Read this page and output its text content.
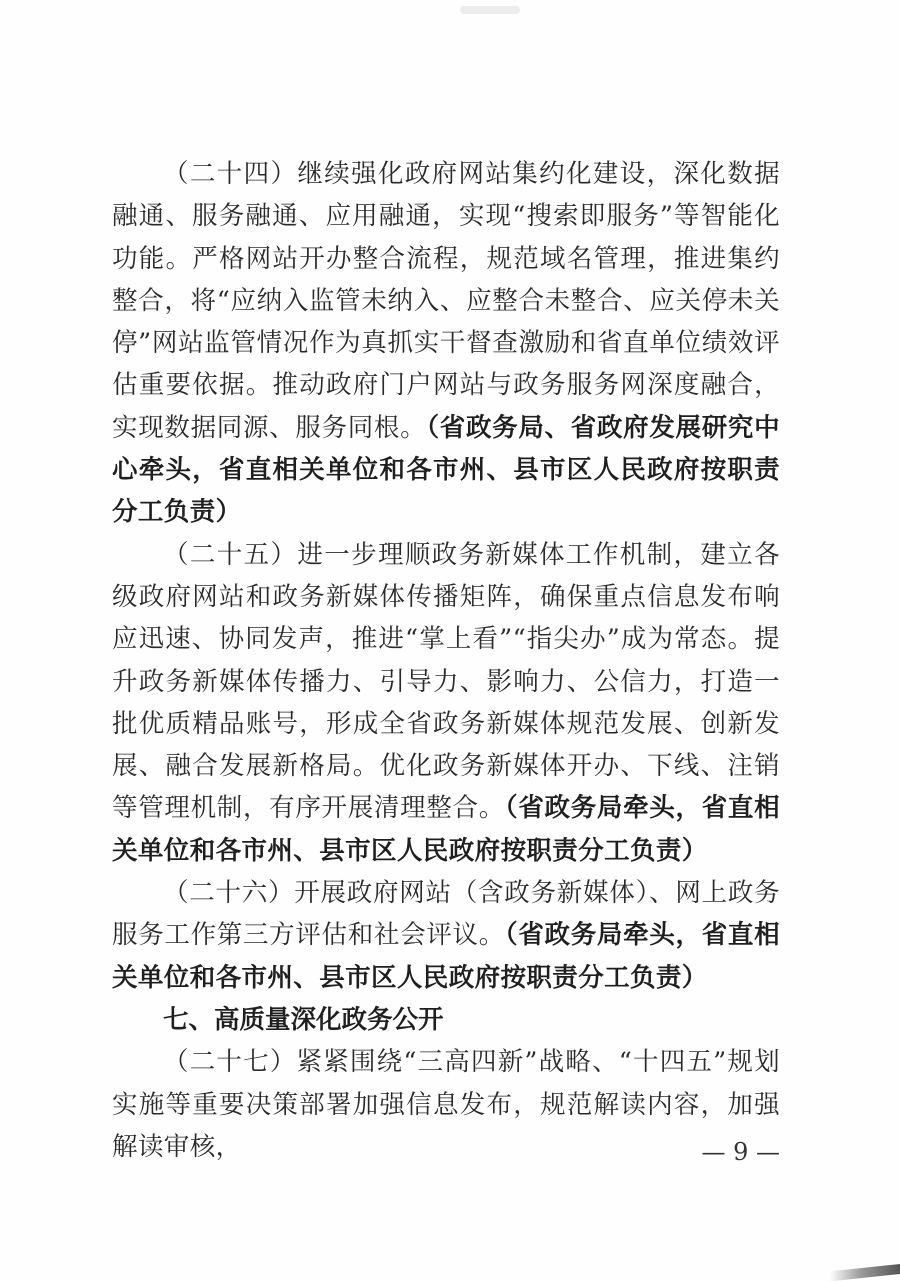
（二十四）继续强化政府网站集约化建设，深化数据融通、服务融通、应用融通，实现“搜索即服务”等智能化功能。严格网站开办整合流程，规范域名管理，推进集约整合，将“应纳入监管未纳入、应整合未整合、应关停未关停”网站监管情况作为真抓实干督查激励和省直单位绩效评估重要依据。推动政府门户网站与政务服务网深度融合，实现数据同源、服务同根。（省政务局、省政府发展研究中心牵头，省直相关单位和各市州、县市区人民政府按职责分工负责）

（二十五）进一步理顺政务新媒体工作机制，建立各级政府网站和政务新媒体传播矩阵，确保重点信息发布响应迅速、协同发声，推进“掌上看”“指尖办”成为常态。提升政务新媒体传播力、引导力、影响力、公信力，打造一批优质精品账号，形成全省政务新媒体规范发展、创新发展、融合发展新格局。优化政务新媒体开办、下线、注销等管理机制，有序开展清理整合。（省政务局牵头，省直相关单位和各市州、县市区人民政府按职责分工负责）

（二十六）开展政府网站（含政务新媒体）、网上政务服务工作第三方评估和社会评议。（省政务局牵头，省直相关单位和各市州、县市区人民政府按职责分工负责）

七、高质量深化政务公开

（二十七）紧紧围绕“三高四新”战略、“十四五”规划实施等重要决策部署加强信息发布，规范解读内容，加强解读审核，	— 9 —
